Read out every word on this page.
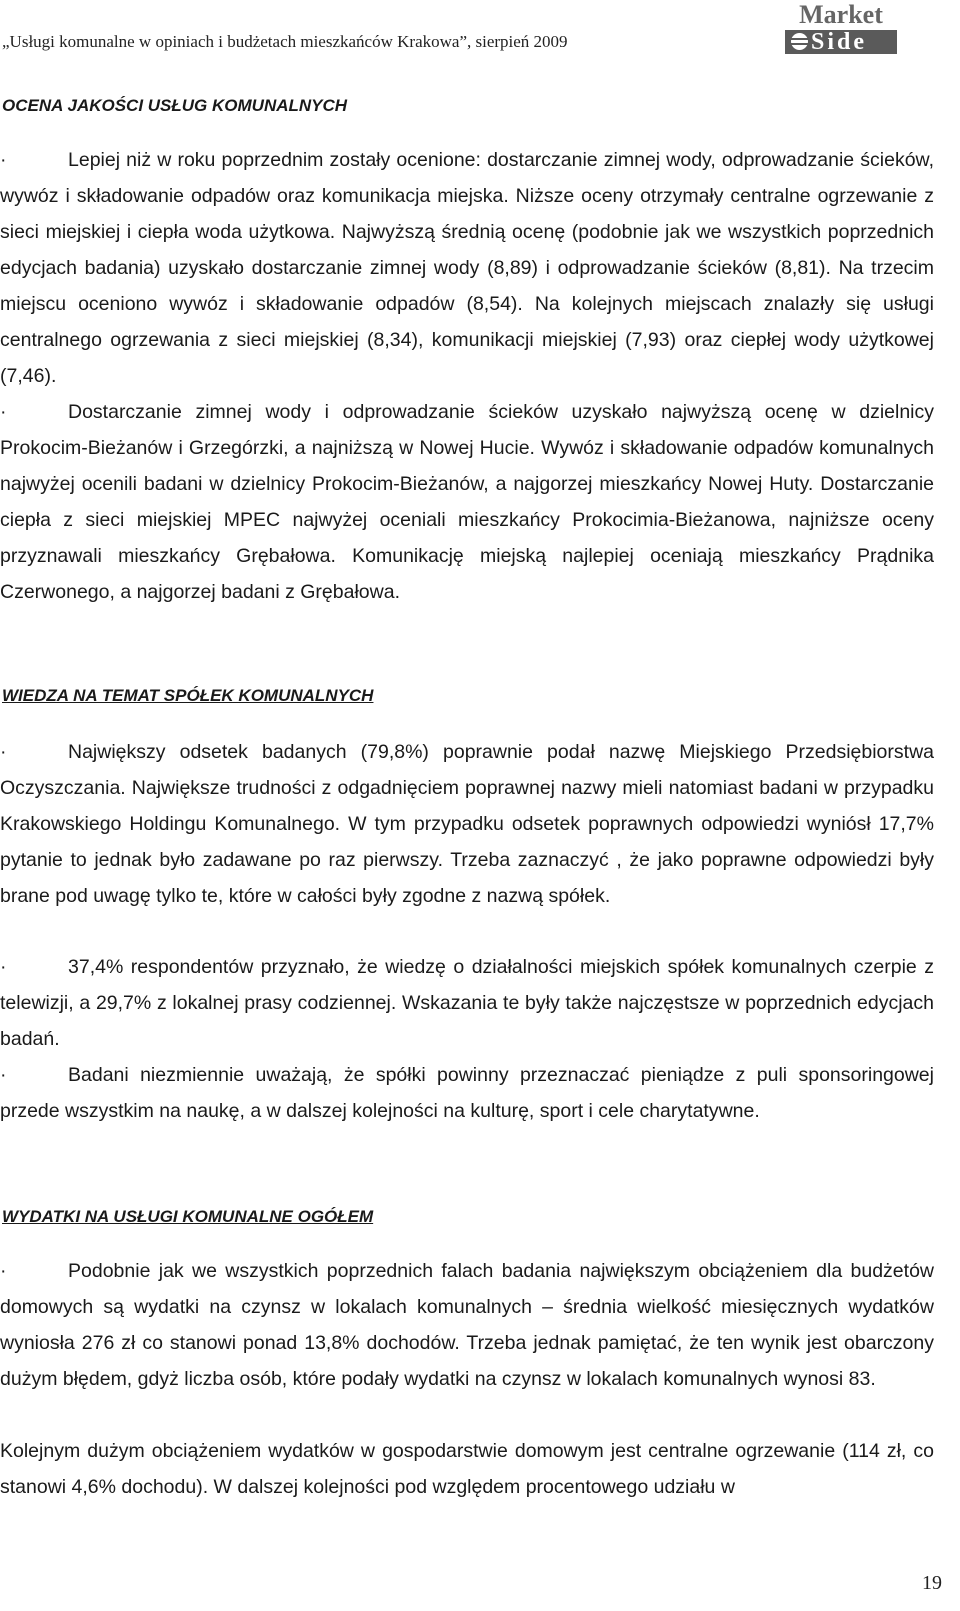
„Usługi komunalne w opiniach i budżetach mieszkańców Krakowa”, sierpień 2009
Market
Side

OCENA JAKOŚCI USŁUG KOMUNALNYCH

·	Lepiej niż w roku poprzednim zostały ocenione: dostarczanie zimnej wody, odprowadzanie ścieków, wywóz i składowanie odpadów oraz komunikacja miejska. Niższe oceny otrzymały centralne ogrzewanie z sieci miejskiej i ciepła woda użytkowa. Najwyższą średnią ocenę (podobnie jak we wszystkich poprzednich edycjach badania) uzyskało dostarczanie zimnej wody (8,89) i odprowadzanie ścieków (8,81). Na trzecim miejscu oceniono wywóz i składowanie odpadów (8,54). Na kolejnych miejscach znalazły się usługi centralnego ogrzewania z sieci miejskiej (8,34), komunikacji miejskiej (7,93) oraz ciepłej wody użytkowej (7,46).

·	Dostarczanie zimnej wody i odprowadzanie ścieków uzyskało najwyższą ocenę w dzielnicy Prokocim-Bieżanów i Grzegórzki, a najniższą w Nowej Hucie. Wywóz i składowanie odpadów komunalnych najwyżej ocenili badani w dzielnicy Prokocim-Bieżanów, a najgorzej mieszkańcy Nowej Huty. Dostarczanie ciepła z sieci miejskiej MPEC najwyżej oceniali mieszkańcy Prokocimia-Bieżanowa, najniższe oceny przyznawali mieszkańcy Grębałowa. Komunikację miejską najlepiej oceniają mieszkańcy Prądnika Czerwonego, a najgorzej badani z Grębałowa.

WIEDZA NA TEMAT SPÓŁEK KOMUNALNYCH

·	Największy odsetek badanych (79,8%) poprawnie podał nazwę Miejskiego Przedsiębiorstwa Oczyszczania. Największe trudności z odgadnięciem poprawnej nazwy mieli natomiast badani w przypadku Krakowskiego Holdingu Komunalnego. W tym przypadku odsetek poprawnych odpowiedzi wyniósł 17,7% pytanie to jednak było zadawane po raz pierwszy. Trzeba zaznaczyć , że jako poprawne odpowiedzi były brane pod uwagę tylko te, które w całości były zgodne z nazwą spółek.

·	37,4% respondentów przyznało, że wiedzę o działalności miejskich spółek komunalnych czerpie z telewizji, a 29,7% z lokalnej prasy codziennej. Wskazania te były także najczęstsze w poprzednich edycjach badań.

·	Badani niezmiennie uważają, że spółki powinny przeznaczać pieniądze z puli sponsoringowej przede wszystkim na naukę, a w dalszej kolejności na kulturę, sport i cele charytatywne.

WYDATKI NA USŁUGI KOMUNALNE OGÓŁEM

·	Podobnie jak we wszystkich poprzednich falach badania największym obciążeniem dla budżetów domowych są wydatki na czynsz w lokalach komunalnych – średnia wielkość miesięcznych wydatków wyniosła 276 zł co stanowi ponad 13,8% dochodów. Trzeba jednak pamiętać, że ten wynik jest obarczony dużym błędem, gdyż liczba osób, które podały wydatki na czynsz w lokalach komunalnych wynosi 83.

Kolejnym dużym obciążeniem wydatków w gospodarstwie domowym jest centralne ogrzewanie (114 zł, co stanowi 4,6% dochodu). W dalszej kolejności pod względem procentowego udziału w

19
